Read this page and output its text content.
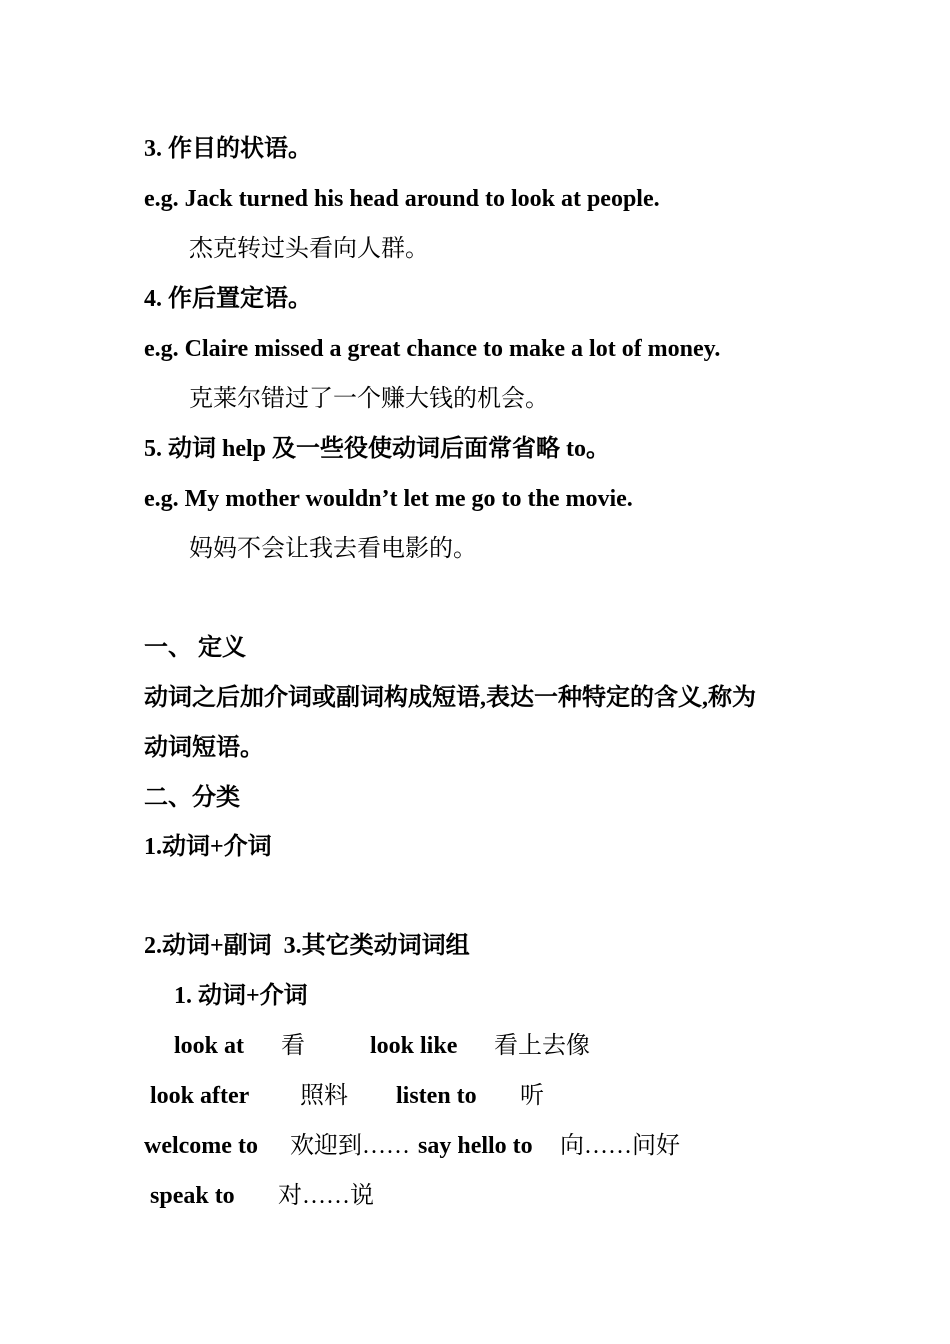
3. 作目的状语。
e.g. Jack turned his head around to look at people.
杰克转过头看向人群。
4. 作后置定语。
e.g. Claire missed a great chance to make a lot of money.
克莱尔错过了一个赚大钱的机会。
5. 动词 help 及一些役使动词后面常省略 to。
e.g. My mother wouldn’t let me go to the movie.
妈妈不会让我去看电影的。
一、 定义
动词之后加介词或副词构成短语,表达一种特定的含义,称为
动词短语。
二、分类
1.动词+介词
2.动词+副词  3.其它类动词词组
1. 动词+介词
look at 看	look like 看上去像
look after 照料 listen to 听
welcome to 欢迎到…… say hello to 向……问好
speak to 对……说
